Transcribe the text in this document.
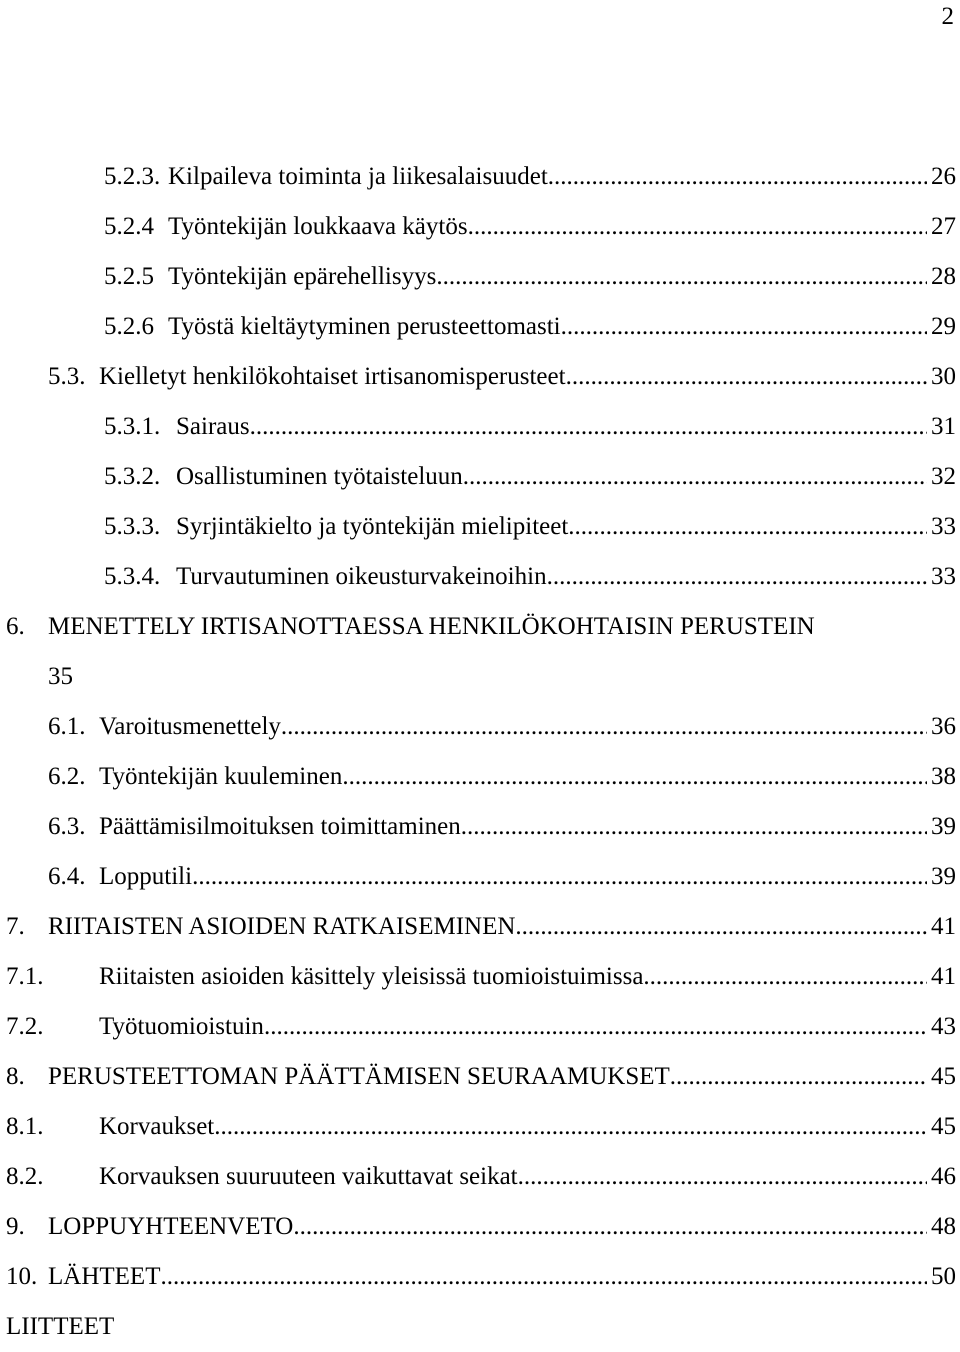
2
5.2.3. Kilpaileva toiminta ja liikesalaisuudet .....	26
5.2.4 Työntekijän loukkaava käytös .....	27
5.2.5 Työntekijän epärehellisyys .....	28
5.2.6 Työstä kieltäytyminen perusteettomasti .....	29
5.3. Kielletyt henkilökohtaiset irtisanomisperusteet .....	30
5.3.1. Sairaus .....	31
5.3.2. Osallistuminen työtaisteluun .....	32
5.3.3. Syrjintäkielto ja työntekijän mielipiteet .....	33
5.3.4. Turvautuminen oikeusturvakeinoihin .....	33
6. MENETTELY IRTISANOTTAESSA HENKILÖKOHTAISIN PERUSTEIN
35
6.1. Varoitusmenettely .....	36
6.2. Työntekijän kuuleminen .....	38
6.3. Päättämisilmoituksen toimittaminen .....	39
6.4. Lopputili .....	39
7. RIITAISTEN ASIOIDEN RATKAISEMINEN .....	41
7.1. Riitaisten asioiden käsittely yleisissä tuomioistuimissa .....	41
7.2. Työtuomioistuin .....	43
8. PERUSTEETTOMAN PÄÄTTÄMISEN SEURAAMUKSET .....	45
8.1. Korvaukset .....	45
8.2. Korvauksen suuruuteen vaikuttavat seikat .....	46
9. LOPPUYHTEENVETO .....	48
10. LÄHTEET .....	50
LIITTEET
